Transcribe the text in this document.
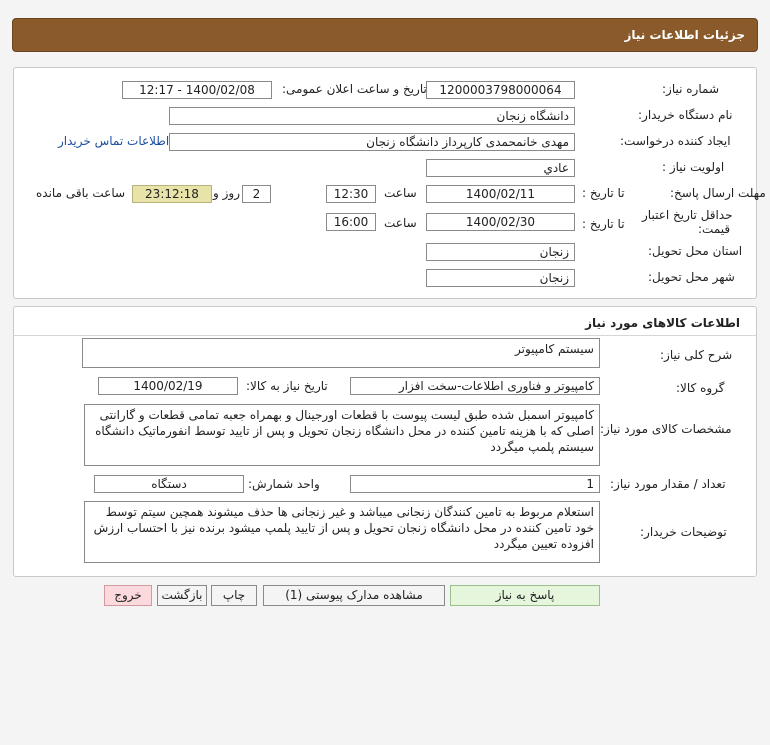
جزئیات اطلاعات نیاز
شماره نیاز:
1200003798000064
تاریخ و ساعت اعلان عمومی:
1400/02/08 - 12:17
نام دستگاه خریدار:
دانشگاه زنجان
ایجاد کننده درخواست:
مهدی خانمحمدی کارپرداز دانشگاه زنجان
اطلاعات تماس خریدار
اولویت نیاز :
عادي
مهلت ارسال پاسخ:
تا تاریخ :
1400/02/11
ساعت
12:30
2
روز و
23:12:18
ساعت باقی مانده
حداقل تاریخ اعتبار
قیمت:
تا تاریخ :
1400/02/30
ساعت
16:00
استان محل تحویل:
زنجان
شهر محل تحویل:
زنجان
اطلاعات کالاهای مورد نیاز
شرح کلی نیاز:
سیستم کامپیوتر
گروه کالا:
کامپیوتر و فناوری اطلاعات-سخت افزار
تاریخ نیاز به کالا:
1400/02/19
مشخصات کالای مورد نیاز:
کامپیوتر اسمبل شده طبق لیست پیوست با قطعات اورجینال و بهمراه جعبه تمامی قطعات و گارانتی اصلی که با هزینه تامین کننده در محل دانشگاه زنجان تحویل و پس از تایید توسط انفورماتیک دانشگاه سیستم پلمپ میگردد
تعداد / مقدار مورد نیاز:
1
واحد شمارش:
دستگاه
توضیحات خریدار:
استعلام مربوط به تامین کنندگان زنجانی میباشد و غیر زنجانی ها حذف میشوند همچین سیتم توسط خود تامین کننده در محل دانشگاه زنجان تحویل و پس از تایید پلمپ میشود برنده نیز با احتساب ارزش افزوده تعیین میگردد
پاسخ به نیاز
مشاهده مدارک پیوستی (1)
چاپ
بازگشت
خروج
